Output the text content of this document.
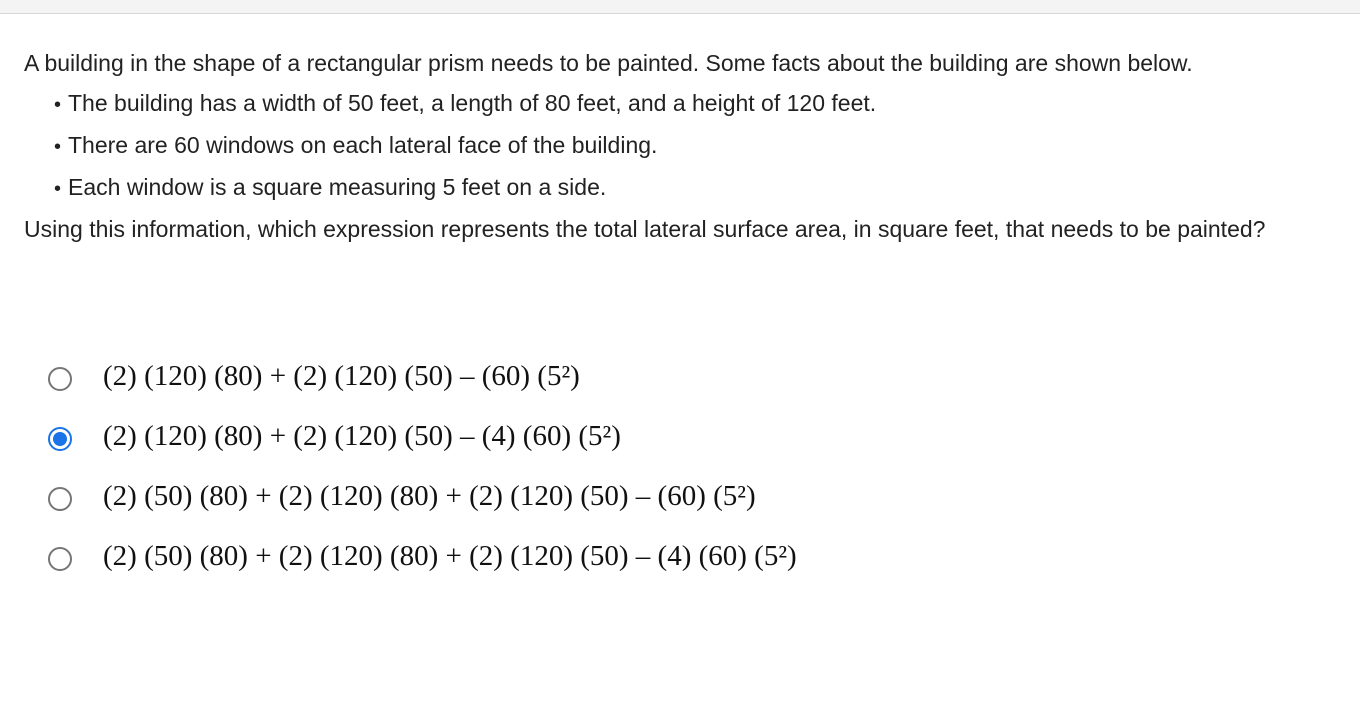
A building in the shape of a rectangular prism needs to be painted. Some facts about the building are shown below.

• The building has a width of 50 feet, a length of 80 feet, and a height of 120 feet.
• There are 60 windows on each lateral face of the building.
• Each window is a square measuring 5 feet on a side.

Using this information, which expression represents the total lateral surface area, in square feet, that needs to be painted?

(2) (120) (80) + (2) (120) (50) – (60) (5²)
(2) (120) (80) + (2) (120) (50) – (4) (60) (5²)
(2) (50) (80) + (2) (120) (80) + (2) (120) (50) – (60) (5²)
(2) (50) (80) + (2) (120) (80) + (2) (120) (50) – (4) (60) (5²)
